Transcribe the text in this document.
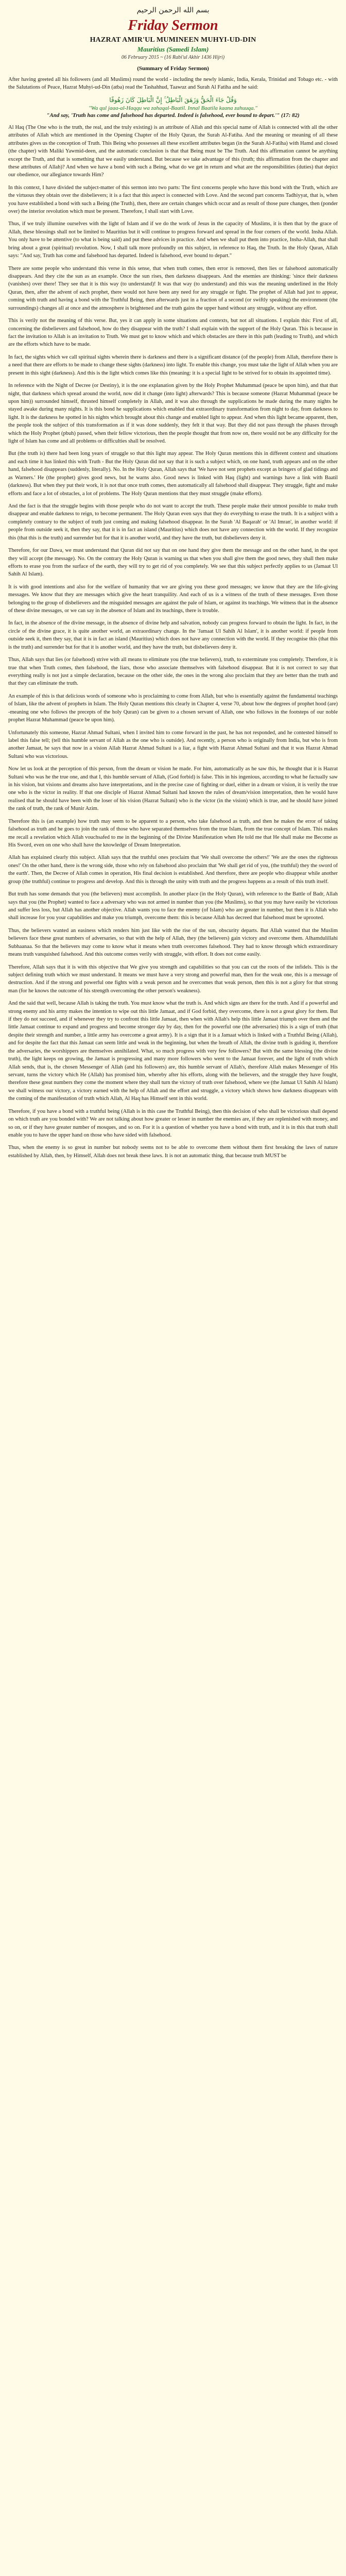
بسم الله الرحمن الرحيم
Friday Sermon
HAZRAT AMIR'UL MUMINEEN MUHYI-UD-DIN
Mauritius (Samedi Islam)
06 February 2015 ~ (16 Rabi'ul Akhir 1436 Hijri)
(Summary of Friday Sermon)

After having greeted all his followers (and all Muslims) round the world - including the newly islamic, India, Kerala, Trinidad and Tobago etc. - with the Salutations of Peace, Hazrat Muhyi-ud-Din (atba) read the Tashahhud, Taawuz and Surah Al Fatiha and he said:

وَقُلْ جَاءَ الْحَقُّ وَزَهَقَ الْبَاطِلُ ۚ إِنَّ الْبَاطِلَ كَانَ زَهُوقًا
"Wa qul jaaa-al-Haqqu wa zahaqal-Baatil. Innal Baatila kaana zahuuqa."
"And say, 'Truth has come and falsehood has departed. Indeed is falsehood, ever bound to depart.'" (17: 82)

Al Haq (The One who is the truth, the real, and the truly existing) is an attribute of Allah and this special name of Allah is connected with all the other attributes of Allah which are mentioned in the Opening Chapter of the Holy Quran, the Surah Al-Fatiha. And the meaning or meaning of all these attributes gives us the conception of Truth. This Being who possesses all these excellent attributes began (in the Surah Al-Fatiha) with Hamd and closed (the chapter) with Maliki Yawmid-deen, and the automatic conclusion is that that Being must be The Truth. And this affirmation cannot be anything except the Truth, and that is something that we easily understand. But because we take advantage of this (truth; this affirmation from the chapter and these attributes of Allah)? And when we have a bond with such a Being, what do we get in return and what are the responsibilities (duties) that depict our obedience, our allegiance towards Him?

In this context, I have divided the subject-matter of this sermon into two parts: The first concerns people who have this bond with the Truth, which are the virtuous they obtain over the disbelievers; it is a fact that this aspect is connected with Love. And the second part concerns Tadhiyyat, that is, when you have established a bond with such a Being (the Truth), then, there are certain changes which occur and as result of those pure changes, then (ponder over) the interior revolution which must be present. Therefore, I shall start with Love.

Thus, if we truly illumine ourselves with the light of Islam and if we do the work of Jesus in the capacity of Muslims, it is then that by the grace of Allah, these blessings shall not be limited to Mauritius but it will continue to progress forward and spread in the four corners of the world. Insha Allah. You only have to be attentive (to what is being said) and put these advices in practice. And when we shall put them into practice, Insha-Allah, that shall bring about a great (spiritual) revolution. Now, I shall talk more profoundly on this subject, in reference to Haq, the Truth. In the Holy Quran, Allah says: "And say, Truth has come and falsehood has departed. Indeed is falsehood, ever bound to depart."

There are some people who understand this verse in this sense, that when truth comes, then error is removed, then lies or falsehood automatically disappears. And they cite the sun as an example. Once the sun rises, then darkness disappears. And the enemies are thinking: 'since their darkness (vanishes) over there! They see that it is this way (to understand)! It was that way (to understand) and this was the meaning underlined in the Holy Quran, then, after the advent of each prophet, there would not have been any need for any struggle or fight. The prophet of Allah had just to appear, coming with truth and having a bond with the Truthful Being, then afterwards just in a fraction of a second (or swiftly speaking) the environment (the surroundings) changes all at once and the atmosphere is brightened and the truth gains the upper hand without any struggle, without any effort.

This is verily not the meaning of this verse. But, yes it can apply in some situations and contexts, but not all situations. I explain this: First of all, concerning the disbelievers and falsehood, how do they disappear with the truth? I shall explain with the support of the Holy Quran. This is because in fact the invitation to Allah is an invitation to Truth. We must get to know which and which obstacles are there in this path (leading to Truth), and which are the efforts which have to be made.

In fact, the sights which we call spiritual sights wherein there is darkness and there is a significant distance (of the people) from Allah, therefore there is a need that there are efforts to be made to change these sights (darkness) into light. To enable this change, you must take the light of Allah when you are present in this sight (darkness). And this is the light which comes like this (meaning: it is a special light to be strived for to obtain its appointed time).

In reference with the Night of Decree (or Destiny), it is the one explanation given by the Holy Prophet Muhammad (peace be upon him), and that that night, that darkness which spread around the world, now did it change (into light) afterwards? This is because someone (Hazrat Muhammad (peace be upon him)) surrounded himself, thrusted himself completely in Allah, and it was also through the supplications he made during the many nights he stayed awake during many nights. It is this bond he supplications which enabled that extraordinary transformation from night to day, from darkness to light. It is the darkness he spotted in his nights which brought about this change and enabled light to appear. And when this light became apparent, then, the people took the subject of this transformation as if it was done suddenly, they felt it that way. But they did not pass through the phases through which the Holy Prophet (pbuh) passed, when their fellow victorious, then the people thought that from now on, there would not be any difficulty for the light of Islam has come and all problems or difficulties shall be resolved.

But (the truth is) there had been long years of struggle so that this light may appear. The Holy Quran mentions this in different context and situations and each time it has linked this with Truth - But the Holy Quran did not say that it is such a subject which, on one hand, truth appears and on the other hand, falsehood disappears (suddenly, literally). No. In the Holy Quran, Allah says that 'We have not sent prophets except as bringers of glad tidings and as Warners.' He (the prophet) gives good news, but he warns also. Good news is linked with Haq (light) and warnings have a link with Baatil (darkness). But when they put their work, it is not that once truth comes, then automatically all falsehood shall disappear. They struggle, fight and make efforts and face a lot of obstacles, a lot of problems. The Holy Quran mentions that they must struggle (make efforts).

And the fact is that the struggle begins with those people who do not want to accept the truth. These people make their utmost possible to make truth disappear and enable darkness to reign, to become permanent. The Holy Quran even says that they do everything to erase the truth. It is a subject with a completely contrary to the subject of truth just coming and making falsehood disappear. In the Surah 'Al Baqarah' or 'Al Imran', in another world: if people from outside seek it, then they say, that it is in fact an island (Mauritius) which does not have any connection with the world. If they recognize this (that this is the truth) and surrender but for that it is another world, and they have the truth, but disbelievers deny it.

Therefore, for our Dawa, we must understand that Quran did not say that on one hand they give them the message and on the other hand, in the spot they will accept (the message). No. On the contrary the Holy Quran is warning us that when you shall give them the good news, they shall then make efforts to erase you from the surface of the earth, they will try to get rid of you completely. We see that this subject perfectly applies to us (Jamaat Ul Sahih Al Islam).

It is with good intentions and also for the welfare of humanity that we are giving you these good messages; we know that they are the life-giving messages. We know that they are messages which give the heart tranquility. And each of us is a witness of the truth of these messages. Even those belonging to the group of disbelievers and the misguided messages are against the pale of Islam, or against its teachings. We witness that in the absence of these divine messages, or we can say in the absence of Islam and its teachings, there is trouble.

In fact, in the absence of the divine message, in the absence of divine help and salvation, nobody can progress forward to obtain the light. In fact, in the circle of the divine grace, it is quite another world, an extraordinary change. In the 'Jamaat Ul Sahih Al Islam', it is another world: if people from outside seek it, then they say, that it is in fact an island (Mauritius) which does not have any connection with the world. If they recognise this (that this is the truth) and surrender but for that it is another world, and they have the truth, but disbelievers deny it.

Thus, Allah says that lies (or falsehood) strive with all means to eliminate you (the true believers), truth, to exterminate you completely. Therefore, it is true that when Truth comes, then falsehood, the liars, those who associate themselves with falsehood disappear. But it is not correct to say that everything really is not just a simple declaration, because on the other side, the ones in the wrong also proclaim that they are better than the truth and that they can eliminate the truth.

An example of this is that delicious words of someone who is proclaiming to come from Allah, but who is essentially against the fundamental teachings of Islam, like the advent of prophets in Islam. The Holy Quran mentions this clearly in Chapter 4, verse 70, about how the degrees of prophet hood (are) -meaning one who follows the precepts of the holy Quran) can be given to a chosen servant of Allah, one who follows in the footsteps of our noble prophet Hazrat Muhammad (peace be upon him).

Unfortunately this someone, Hazrat Ahmad Sultani, when I invited him to come forward in the past, he has not responded, and he contested himself to label this false tell; (tell this humble servant of Allah as the one who is outside). And recently, a person who is originally from India, but who is from another Jamaat, he says that now in a vision Allah Hazrat Ahmad Sultani is a liar, a fight with Hazrat Ahmad Sultani and that it was Hazrat Ahmad Sultani who was victorious.

Now let us look at the perception of this person, from the dream or vision he made. For him, automatically as he saw this, he thought that it is Hazrat Sultani who was he the true one, and that I, this humble servant of Allah, (God forbid) is false. This in his ingenious, according to what he factually saw in his vision, but visions and dreams also have interpretations, and in the precise case of fighting or duel, either in a dream or vision, it is verily the true one who is the victor in reality. If that one disciple of Hazrat Ahmad Sultani had known the rules of dream/vision interpretation, then he would have realised that he should have been with the loser of his vision (Hazrat Sultani) who is the victor (in the vision) which is true, and he should have joined the rank of truth, the rank of Munir Azim.

Therefore this is (an example) how truth may seem to be apparent to a person, who take falsehood as truth, and then he makes the error of taking falsehood as truth and he goes to join the rank of those who have separated themselves from the true Islam, from the true concept of Islam. This makes me recall a revelation which Allah vouchsafed to me in the beginning of the Divine Manifestation when He told me that He shall make me Become as His Sword, even on one who shall have the knowledge of Dream Interpretation.

Allah has explained clearly this subject. Allah says that the truthful ones proclaim that 'We shall overcome the others!' 'We are the ones the righteous ones!' On the other hand, there is the wrong side, those who rely on falsehood also proclaim that 'We shall get rid of you, (the truthful) they the sword of the earth'. Then, the Decree of Allah comes in operation, His final decision is established. And therefore, there are people who disappear while another group (the truthful) continue to progress and develop. And this is through the unity with truth and the progress happens as a result of this truth itself.

But truth has some demands that you (the believers) must accomplish. In another place (in the Holy Quran), with reference to the Battle of Badr, Allah says that you (the Prophet) wanted to face a adversary who was not armed in number than you (the Muslims), so that you may have easily be victorious and suffer less loss, but Allah has another objective. Allah wants you to face the enemy (of Islam) who are greater in number, but then it is Allah who shall increase for you your capabilities and make you triumph, overcome them: this is because Allah has decreed that falsehood must be uprooted.

Thus, the believers wanted an easiness which renders him just like with the rise of the sun, obscurity departs. But Allah wanted that the Muslim believers face these great numbers of adversaries, so that with the help of Allah, they (the believers) gain victory and overcome them. Alhamdulillahi Subhaanaa. So that the believers may come to know what it means when truth overcomes falsehood. They had to know through which extraordinary means truth vanquished falsehood. And this outcome comes verily with struggle, with effort. It does not come easily.

Therefore, Allah says that it is with this objective that We give you strength and capabilities so that you can cut the roots of the infidels. This is the subject defining truth which we must understand. It means we must have a very strong and powerful man, then for the weak one, this is a message of destruction. And if the strong and powerful one fights with a weak person and he overcomes that weak person, then this is not a glory for that strong man (for he knows the outcome of his strength overcoming the other person's weakness).

And the said that well, because Allah is taking the truth. You must know what the truth is. And which signs are there for the truth. And if a powerful and strong enemy and his army makes the intention to wipe out this little Jamaat, and if God forbid, they overcome, there is not a great glory for them. But if they do not succeed, and if whenever they try to confront this little Jamaat, then when with Allah's help this little Jamaat triumph over them and the little Jamaat continue to expand and progress and become stronger day by day, then for the powerful one (the adversaries) this is a sign of truth (that despite their strength and number, a little army has overcome a great army). It is a sign that it is a Jamaat which is linked with a Truthful Being (Allah), and for despite the fact that this Jamaat can seem little and weak in the beginning, but when the breath of Allah, the divine truth is guiding it, therefore the adversaries, the worshippers are themselves annihilated. What, so much progress with very few followers? But with the same blessing (the divine truth), the light keeps on growing, the Jamaat is progressing and many more followers who went to the Jamaat forever, and the light of truth which Allah sends, that is, the chosen Messenger of Allah (and his followers) are, this humble servant of Allah's, therefore Allah makes Messenger of His servant, turns the victory which He (Allah) has promised him, whereby after his efforts, along with the believers, and the struggle they have fought, therefore these great numbers they come the moment where they shall turn the victory of truth over falsehood, where we (the Jamaat Ul Sahih Al Islam) we shall witness our victory, a victory earned with the help of Allah and the effort and struggle, a victory which shows how darkness disappears with the coming of the manifestation of truth which Allah, Al Haq has Himself sent in this world.

Therefore, if you have a bond with a truthful being (Allah is in this case the Truthful Being), then this decision of who shall be victorious shall depend on which truth are you bonded with? We are not talking about how greater or lesser in number the enemies are, if they are replenished with money, and so on, or if they have greater number of mosques, and so on. For it is a question of whether you have a bond with truth, and it is in this that truth shall enable you to have the upper hand on those who have sided with falsehood.

Thus, when the enemy is so great in number but nobody seems not to be able to overcome them without them first breaking the laws of nature established by Allah, then, by Himself, Allah does not break these laws. It is not an automatic thing, that because truth MUST be
